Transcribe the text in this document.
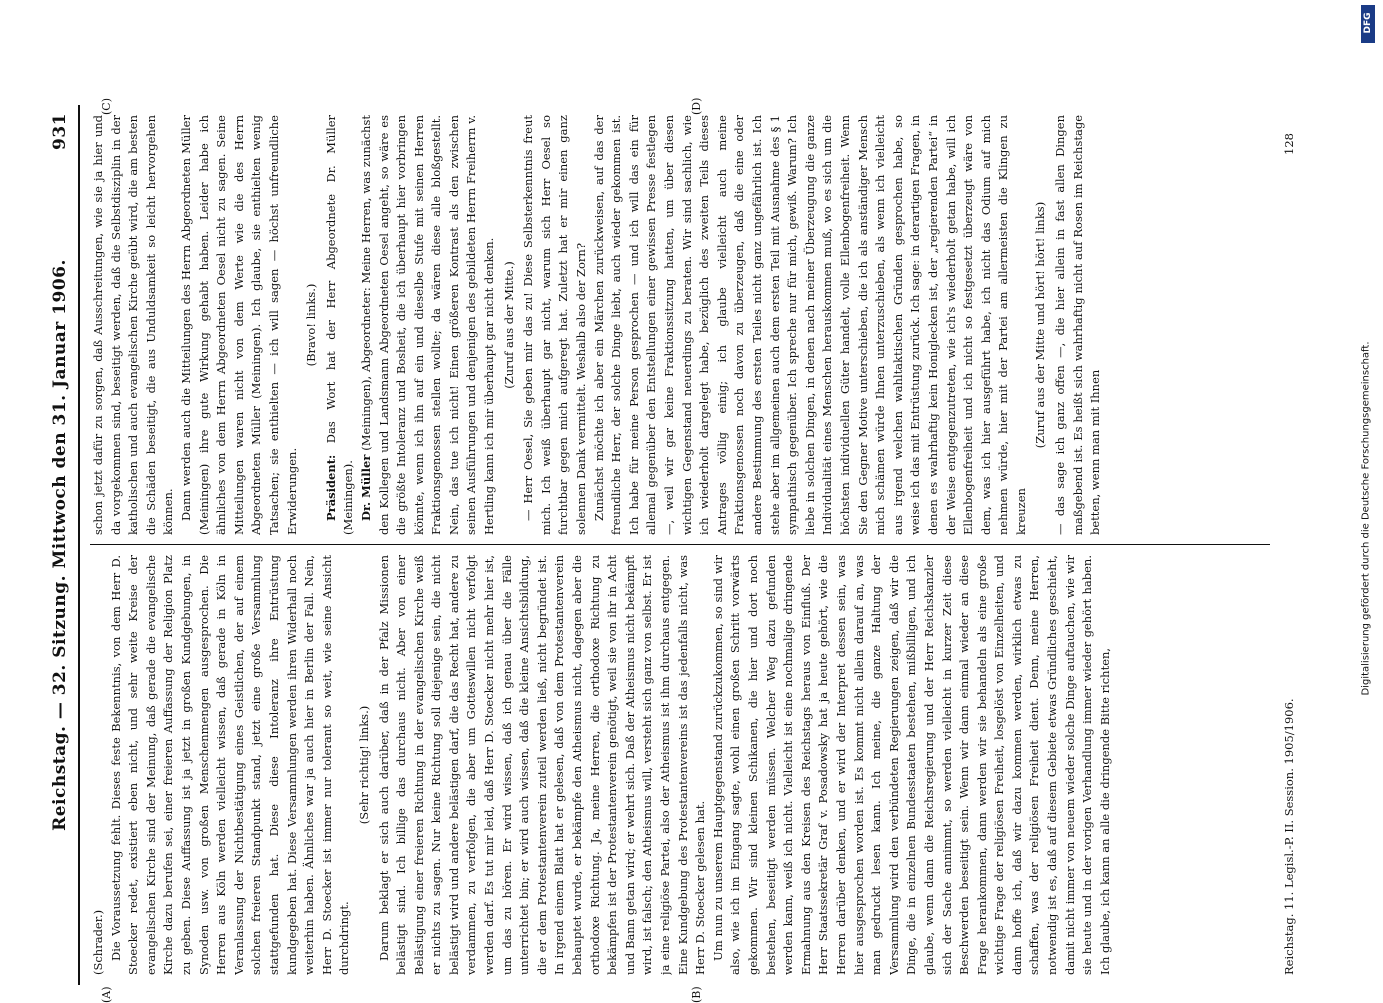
Reichstag. — 32. Sitzung. Mittwoch den 31. Januar 1906.
931

(Schrader.) Die Voraussetzung fehlt. Dieses feste Bekenntnis, von dem Herr D. Stoecker redet, existiert eben nicht, und sehr weite Kreise der evangelischen Kirche sind der Meinung, daß gerade die evangelische Kirche dazu berufen sei, einer freieren Auffassung der Religion Platz zu geben. Diese Auffassung ist ja jetzt in großen Kundgebungen, in Synoden usw. von großen Menschenmengen ausgesprochen. Die Herren aus Köln werden vielleicht wissen, daß gerade in Köln in Veranlassung der Nichtbestätigung eines Geistlichen, der auf einem solchen freieren Standpunkt stand, jetzt eine große Versammlung stattgefunden hat. Diese diese Intoleranz ihre Entrüstung kundgegeben hat. Diese Versammlungen werden ihren Widerhall noch weiterhin haben. Ähnliches war ja auch hier in Berlin der Fall. Nein, Herr D. Stoecker ist immer nur tolerant so weit, wie seine Ansicht durchdringt.

(Sehr richtig! links.) Darum beklagt er sich auch darüber, daß in der Pfalz Missionen belästigt sind. Ich billige das durchaus nicht. Aber von einer Belästigung einer freieren Richtung in der evangelischen Kirche weiß er nichts zu sagen. Nur keine Richtung soll diejenige sein, die nicht belästigt wird und andere belästigen darf, die das Recht hat, andere zu verdammen, zu verfolgen, die aber um Gotteswillen nicht verfolgt werden darf. Es tut mir leid, daß Herr D. Stoecker nicht mehr hier ist, um das zu hören. Er wird wissen, daß ich genau über die Fälle unterrichtet bin; er wird auch wissen, daß die kleine Ansichtsbildung, die er dem Protestantenverein zuteil werden ließ, nicht begründet ist. In irgend einem Blatt hat er gelesen, daß von dem Protestantenverein behauptet wurde, er bekämpfe den Atheismus nicht, dagegen aber die orthodoxe Richtung. Ja, meine Herren, die orthodoxe Richtung zu bekämpfen ist der Protestantenverein genötigt, weil sie von ihr in Acht und Bann getan wird; er wehrt sich. Daß der Atheismus nicht bekämpft wird, ist falsch; den Atheismus will, versteht sich ganz von selbst. Er ist ja eine religiöse Partei, also der Atheismus ist ihm durchaus entgegen. Eine Kundgebung des Protestantenvereins ist das jedenfalls nicht, was Herr D. Stoecker gelesen hat. Um nun zu unserem Hauptgegenstand zurückzukommen, so sind wir also, wie ich im Eingang sagte, wohl einen großen Schritt vorwärts gekommen. Wir sind kleinen Schikanen, die hier und dort noch bestehen, beseitigt werden müssen. Welcher Weg dazu gefunden werden kann, weiß ich nicht. Vielleicht ist eine nochmalige dringende Ermahnung aus den Kreisen des Reichstags heraus von Einfluß. Der Herr Staatssekretär Graf v. Posadowsky hat ja heute gehört, wie die Herren darüber denken, und er wird der Interpret dessen sein, was hier ausgesprochen worden ist. Es kommt nicht allein darauf an, was man gedruckt lesen kann. Ich meine, die ganze Haltung der Versammlung wird den verbündeten Regierungen zeigen, daß wir die Dinge, die in einzelnen Bundesstaaten bestehen, mißbilligen, und ich glaube, wenn dann die Reichsregierung und der Herr Reichskanzler sich der Sache annimmt, so werden vielleicht in kurzer Zeit diese Beschwerden beseitigt sein. Wenn wir dann einmal wieder an diese Frage herankommen, dann werden wir sie behandeln als eine große wichtige Frage der religiösen Freiheit, losgelöst von Einzelheiten, und dann hoffe ich, daß wir dazu kommen werden, wirklich etwas zu schaffen, was der religiösen Freiheit dient. Denn, meine Herren, notwendig ist es, daß auf diesem Gebiete etwas Gründliches geschieht, damit nicht immer von neuem wieder solche Dinge auftauchen, wie wir sie heute und in der vorigen Verhandlung immer wieder gehört haben. Ich glaube, ich kann an alle die dringende Bitte richten,

(A)	(B)

schon jetzt dafür zu sorgen, daß Ausschreitungen, wie sie ja hier und da vorgekommen sind, beseitigt werden, daß die Selbstdisziplin in der katholischen und auch evangelischen Kirche geübt wird, die am besten die Schäden beseitigt, die aus Unduldsamkeit so leicht hervorgehen können. Dann werden auch die Mitteilungen des Herrn Abgeordneten Müller (Meiningen) ihre gute Wirkung gehabt haben. Leider habe ich ähnliches von dem Herrn Abgeordneten Oesel nicht zu sagen. Seine Mitteilungen waren nicht von dem Werte wie die des Herrn Abgeordneten Müller (Meiningen). Ich glaube, sie enthielten wenig Tatsachen; sie enthielten — ich will sagen — höchst unfreundliche Erwiderungen.

(Bravo! links.)

Präsident: Das Wort hat der Herr Abgeordnete Dr. Müller (Meiningen). Dr. Müller (Meiningen), Abgeordneter: Meine Herren, was zunächst den Kollegen und Landsmann Abgeordneten Oesel angeht, so wäre es die größte Intoleranz und Bosheit, die ich überhaupt hier vorbringen könnte, wenn ich ihn auf ein und dieselbe Stufe mit seinen Herren Fraktionsgenossen stellen wollte; da wären diese alle bloßgestellt. Nein, das tue ich nicht! Einen größeren Kontrast als den zwischen seinen Ausführungen und denjenigen des gebildeten Herrn Freiherrn v. Hertling kann ich mir überhaupt gar nicht denken. (Zuruf aus der Mitte.) — Herr Oesel, Sie geben mir das zu! Diese Selbsterkenntnis freut mich. Ich weiß überhaupt gar nicht, warum sich Herr Oesel so furchtbar gegen mich aufgeregt hat. Zuletzt hat er mir einen ganz solennen Dank vermittelt. Weshalb also der Zorn? Zunächst möchte ich aber ein Märchen zurückweisen, auf das der freundliche Herr, der solche Dinge liebt, auch wieder gekommen ist. Ich habe für meine Person gesprochen — und ich will das ein für allemal gegenüber den Entstellungen einer gewissen Presse festlegen —, weil wir gar keine Fraktionssitzung hatten, um über diesen wichtigen Gegenstand neuerdings zu beraten. Wir sind sachlich, wie ich wiederholt dargelegt habe, bezüglich des zweiten Teils dieses Antrages völlig einig; ich glaube vielleicht auch meine Fraktionsgenossen noch davon zu überzeugen, daß die eine oder andere Bestimmung des ersten Teiles nicht ganz ungefährlich ist. Ich stehe aber im allgemeinen auch dem ersten Teil mit Ausnahme des § 1 sympathisch gegenüber. Ich spreche nur für mich, gewiß. Warum? Ich liebe in solchen Dingen, in denen nach meiner Überzeugung die ganze Individualität eines Menschen herauskommen muß, wo es sich um die höchsten individuellen Güter handelt, volle Ellenbogenfreiheit. Wenn Sie den Gegner Motive unterschieben, die ich als anständiger Mensch mich schämen würde Ihnen unterzuschieben, als wenn ich vielleicht aus irgend welchen wahltaktischen Gründen gesprochen habe, so weise ich das mit Entrüstung zurück. Ich sage: in derartigen Fragen, in denen es wahrhaftig kein Honiglecken ist, der „regierenden Partei“ in der Weise entgegenzutreten, wie ich's wiederholt getan habe, will ich Ellenbogenfreiheit und ich nicht so festgesetzt überzeugt wäre von dem, was ich hier ausgeführt habe, ich nicht das Odium auf mich nehmen würde, hier mit der Partei am allermeisten die Klingen zu kreuzen

(Zuruf aus der Mitte und hört! hört! links) — das sage ich ganz offen —, die hier allein in fast allen Dingen maßgebend ist. Es heißt sich wahrhaftig nicht auf Rosen im Reichstage betten, wenn man mit Ihnen

(C)	(D)
Reichstag. 11. Legisl.-P. II. Session. 1905/1906.
128
DFG
Digitalisierung gefördert durch die Deutsche Forschungsgemeinschaft.
